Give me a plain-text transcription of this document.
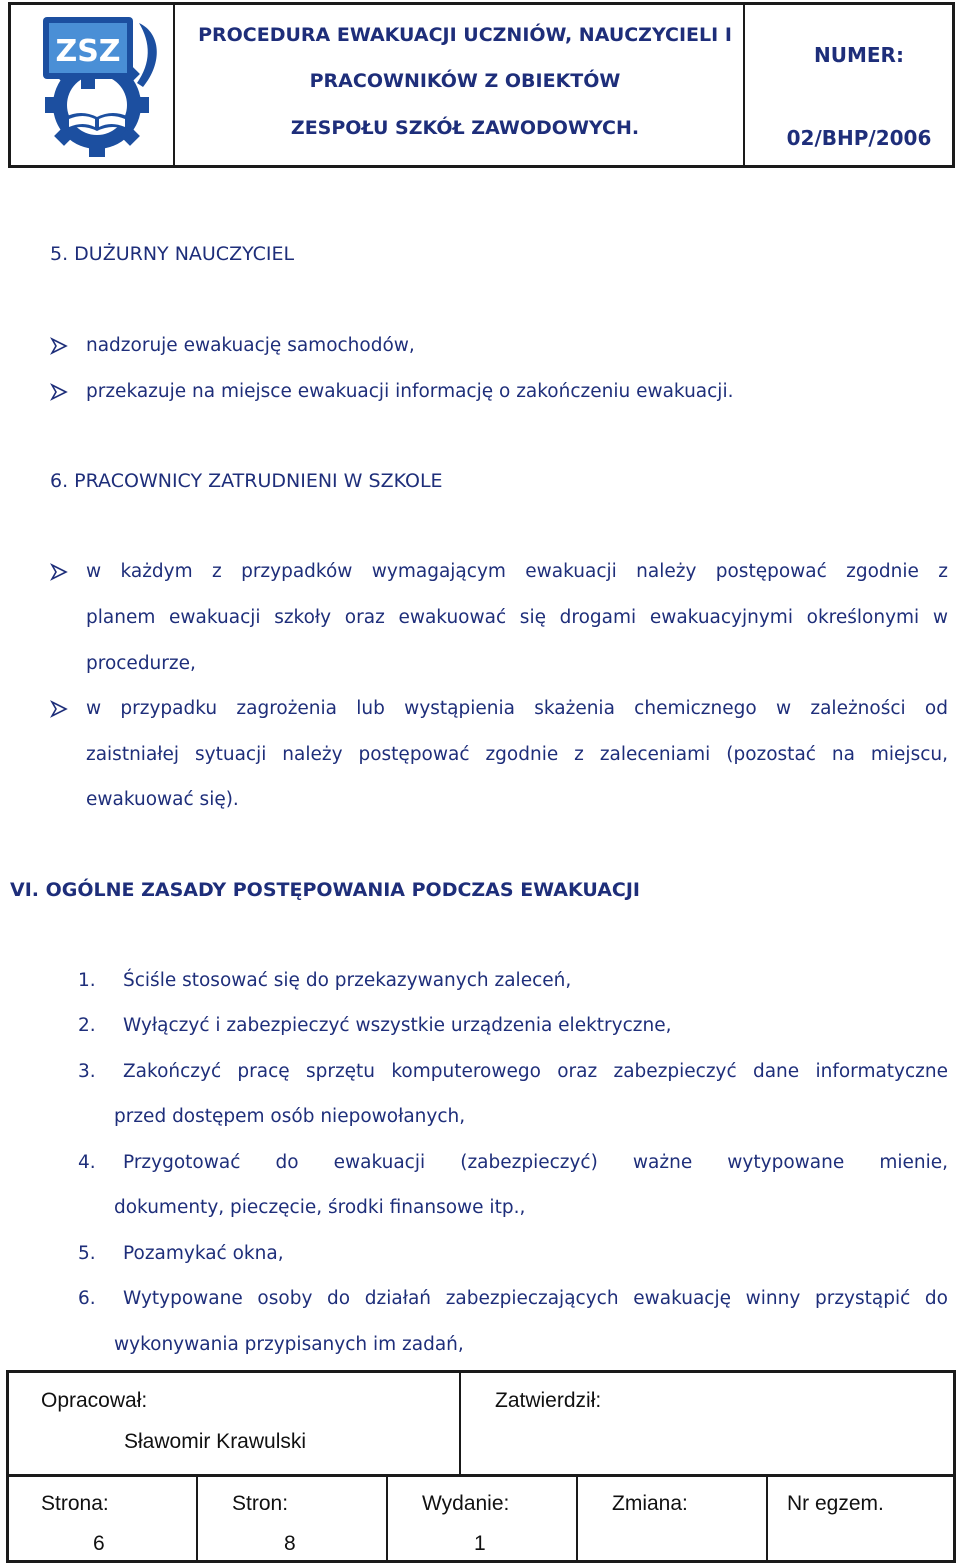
ZSZ	PROCEDURA EWAKUACJI UCZNIÓW, NAUCZYCIELI I
PRACOWNIKÓW Z OBIEKTÓW
ZESPOŁU SZKÓŁ ZAWODOWYCH.
NUMER:
02/BHP/2006
5. DUŻURNY NAUCZYCIEL
nadzoruje ewakuację samochodów,
przekazuje na miejsce ewakuacji informację o zakończeniu ewakuacji.
6. PRACOWNICY ZATRUDNIENI W SZKOLE
w każdym z przypadków wymagającym ewakuacji należy postępować zgodnie z
planem ewakuacji szkoły oraz ewakuować się drogami ewakuacyjnymi określonymi w
procedurze,
w przypadku zagrożenia lub wystąpienia skażenia chemicznego w zależności od
zaistniałej sytuacji należy postępować zgodnie z zaleceniami (pozostać na miejscu,
ewakuować się).
VI. OGÓLNE ZASADY POSTĘPOWANIA PODCZAS EWAKUACJI
1. Ściśle stosować się do przekazywanych zaleceń,
2. Wyłączyć i zabezpieczyć wszystkie urządzenia elektryczne,
3. Zakończyć pracę sprzętu komputerowego oraz zabezpieczyć dane informatyczne
przed dostępem osób niepowołanych,
4. Przygotować do ewakuacji (zabezpieczyć) ważne wytypowane mienie,
dokumenty, pieczęcie, środki finansowe itp.,
5. Pozamykać okna,
6. Wytypowane osoby do działań zabezpieczających ewakuację winny przystąpić do
wykonywania przypisanych im zadań,
Opracował:
Sławomir Krawulski
Zatwierdził:
Strona:
6
Stron:
8
Wydanie:
1
Zmiana:	Nr egzem.
